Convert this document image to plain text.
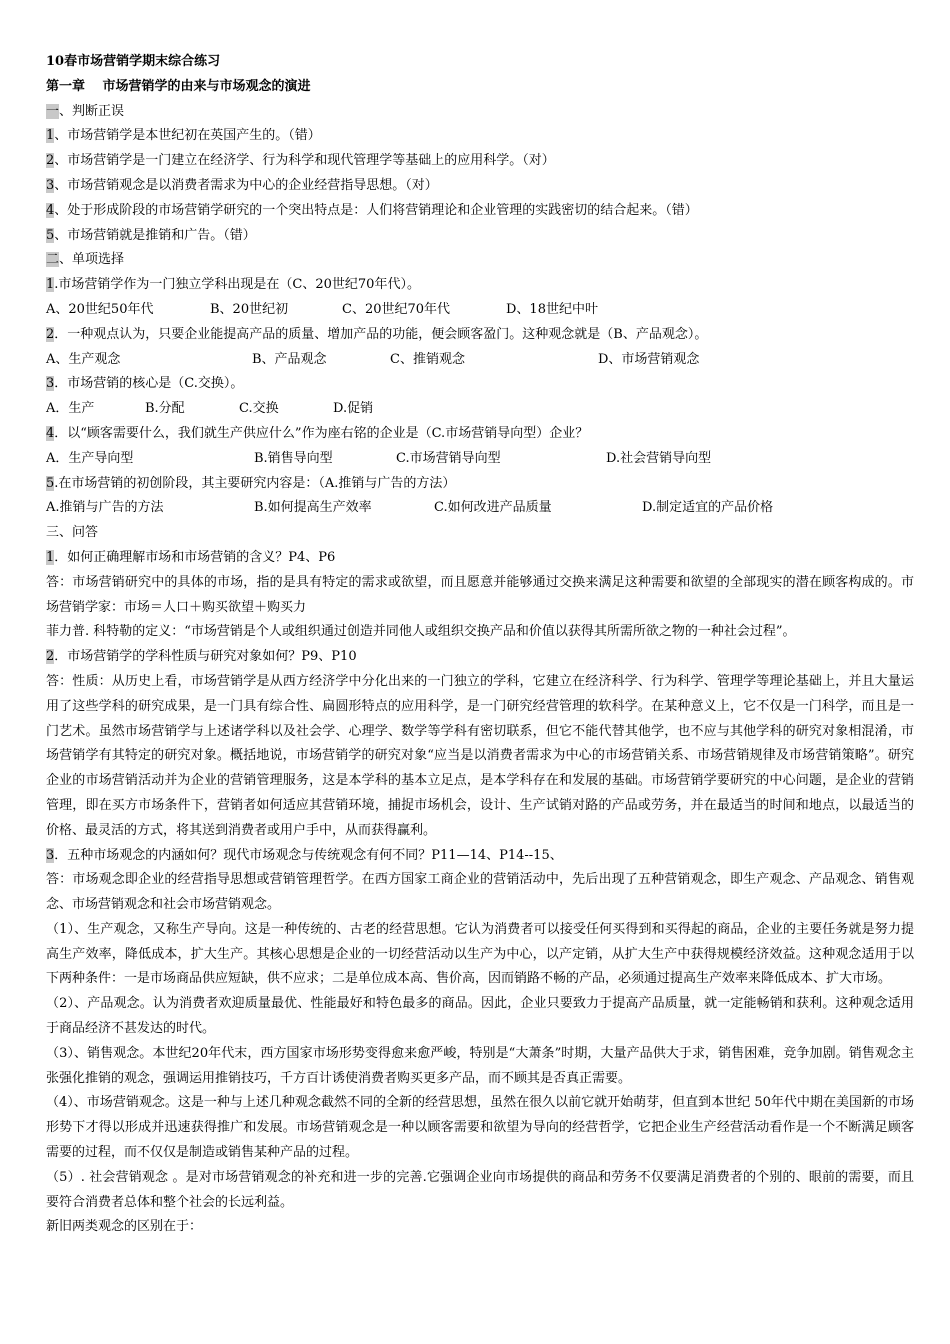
10春市场营销学期末综合练习
第一章　 市场营销学的由来与市场观念的演进
一、判断正误
1、市场营销学是本世纪初在英国产生的。（错）
2、市场营销学是一门建立在经济学、行为科学和现代管理学等基础上的应用科学。（对）
3、市场营销观念是以消费者需求为中心的企业经营指导思想。（对）
4、处于形成阶段的市场营销学研究的一个突出特点是：人们将营销理论和企业管理的实践密切的结合起来。（错）
5、市场营销就是推销和广告。（错）
二、单项选择
1.市场营销学作为一门独立学科出现是在（C、20世纪70年代）。
A、20世纪50年代	B、20世纪初	C、20世纪70年代	D、18世纪中叶
2．一种观点认为，只要企业能提高产品的质量、增加产品的功能，便会顾客盈门。这种观念就是（B、产品观念）。
A、生产观念	B、产品观念	C、推销观念	D、市场营销观念
3．市场营销的核心是（C.交换）。
A．生产	B.分配	C.交换	D.促销
4．以“顾客需要什么，我们就生产供应什么”作为座右铭的企业是（C.市场营销导向型）企业？
A．生产导向型	B.销售导向型	C.市场营销导向型	D.社会营销导向型
5.在市场营销的初创阶段，其主要研究内容是：（A.推销与广告的方法）
A.推销与广告的方法	B.如何提高生产效率	C.如何改进产品质量	D.制定适宜的产品价格
三、问答
1．如何正确理解市场和市场营销的含义？P4、P6
答：市场营销研究中的具体的市场，指的是具有特定的需求或欲望，而且愿意并能够通过交换来满足这种需要和欲望的全部现实的潜在顾客构成的。市场营销学家：市场＝人口＋购买欲望＋购买力
菲力普. 科特勒的定义：“市场营销是个人或组织通过创造并同他人或组织交换产品和价值以获得其所需所欲之物的一种社会过程”。
2．市场营销学的学科性质与研究对象如何？P9、P10
答：性质：从历史上看，市场营销学是从西方经济学中分化出来的一门独立的学科，它建立在经济科学、行为科学、管理学等理论基础上，并且大量运用了这些学科的研究成果，是一门具有综合性、扁圆形特点的应用科学，是一门研究经营管理的软科学。在某种意义上，它不仅是一门科学，而且是一门艺术。虽然市场营销学与上述诸学科以及社会学、心理学、数学等学科有密切联系，但它不能代替其他学，也不应与其他学科的研究对象相混淆，市场营销学有其特定的研究对象。概括地说，市场营销学的研究对象“应当是以消费者需求为中心的市场营销关系、市场营销规律及市场营销策略”。研究企业的市场营销活动并为企业的营销管理服务，这是本学科的基本立足点，是本学科存在和发展的基础。市场营销学要研究的中心问题，是企业的营销管理，即在买方市场条件下，营销者如何适应其营销环境，捕捉市场机会，设计、生产试销对路的产品或劳务，并在最适当的时间和地点，以最适当的价格、最灵活的方式，将其送到消费者或用户手中，从而获得赢利。
3．五种市场观念的内涵如何？现代市场观念与传统观念有何不同？P11—14、P14--15、
答：市场观念即企业的经营指导思想或营销管理哲学。在西方国家工商企业的营销活动中，先后出现了五种营销观念，即生产观念、产品观念、销售观念、市场营销观念和社会市场营销观念。
（1）、生产观念，又称生产导向。这是一种传统的、古老的经营思想。它认为消费者可以接受任何买得到和买得起的商品，企业的主要任务就是努力提高生产效率，降低成本，扩大生产。其核心思想是企业的一切经营活动以生产为中心，以产定销，从扩大生产中获得规模经济效益。这种观念适用于以下两种条件：一是市场商品供应短缺，供不应求；二是单位成本高、售价高，因而销路不畅的产品，必须通过提高生产效率来降低成本、扩大市场。
（2）、产品观念。认为消费者欢迎质量最优、性能最好和特色最多的商品。因此，企业只要致力于提高产品质量，就一定能畅销和获利。这种观念适用于商品经济不甚发达的时代。
（3）、销售观念。本世纪20年代末，西方国家市场形势变得愈来愈严峻，特别是“大萧条”时期，大量产品供大于求，销售困难，竞争加剧。销售观念主张强化推销的观念，强调运用推销技巧，千方百计诱使消费者购买更多产品，而不顾其是否真正需要。
（4）、市场营销观念。这是一种与上述几种观念截然不同的全新的经营思想，虽然在很久以前它就开始萌芽，但直到本世纪 50年代中期在美国新的市场形势下才得以形成并迅速获得推广和发展。市场营销观念是一种以顾客需要和欲望为导向的经营哲学，它把企业生产经营活动看作是一个不断满足顾客需要的过程，而不仅仅是制造或销售某种产品的过程。
（5）. 社会营销观念 。是对市场营销观念的补充和进一步的完善.它强调企业向市场提供的商品和劳务不仅要满足消费者的个别的、眼前的需要，而且要符合消费者总体和整个社会的长远利益。
新旧两类观念的区别在于：
